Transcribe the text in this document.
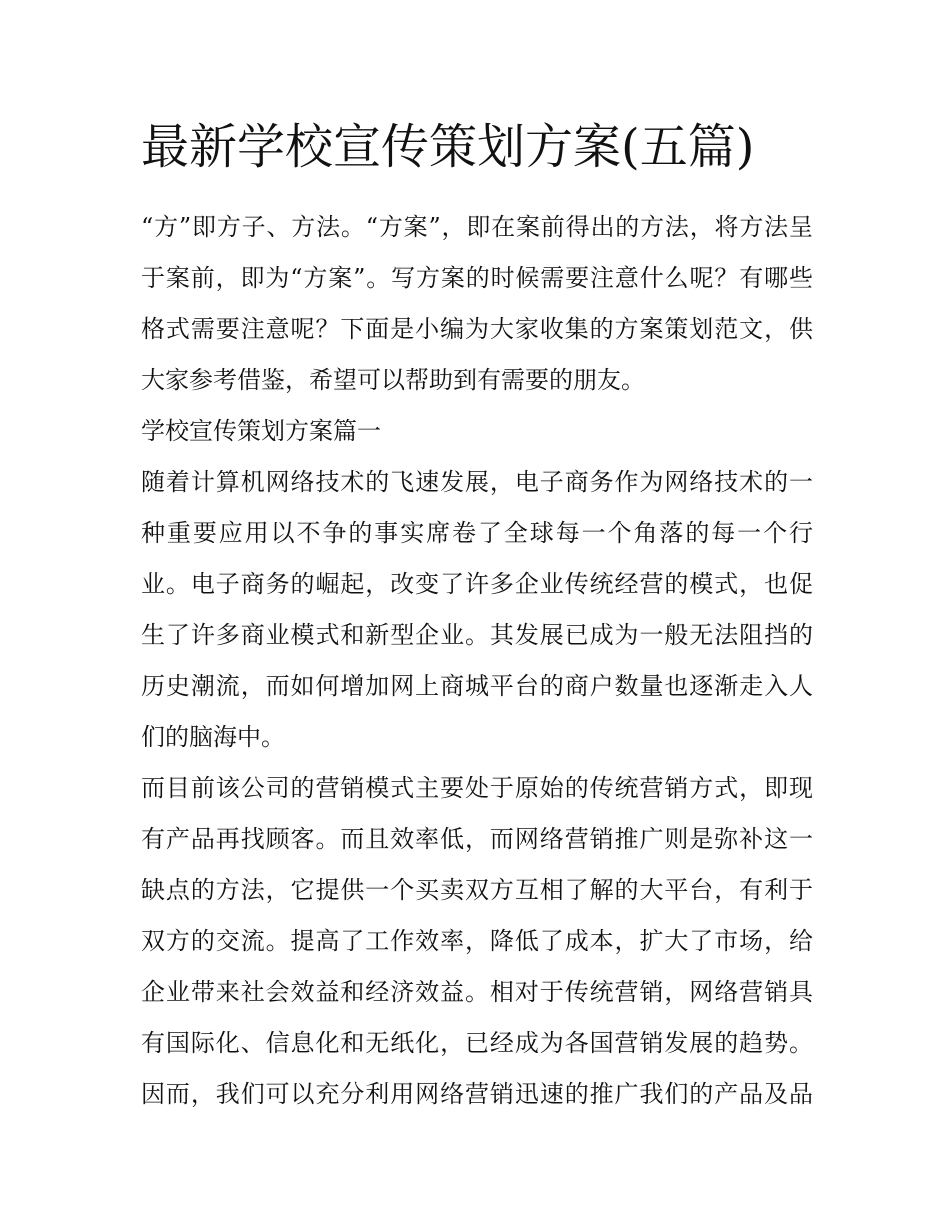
最新学校宣传策划方案(五篇)
“方”即方子、方法。“方案”，即在案前得出的方法，将方法呈
于案前，即为“方案”。写方案的时候需要注意什么呢？有哪些
格式需要注意呢？下面是小编为大家收集的方案策划范文，供
大家参考借鉴，希望可以帮助到有需要的朋友。
学校宣传策划方案篇一
随着计算机网络技术的飞速发展，电子商务作为网络技术的一
种重要应用以不争的事实席卷了全球每一个角落的每一个行
业。电子商务的崛起，改变了许多企业传统经营的模式，也促
生了许多商业模式和新型企业。其发展已成为一般无法阻挡的
历史潮流，而如何增加网上商城平台的商户数量也逐渐走入人
们的脑海中。
而目前该公司的营销模式主要处于原始的传统营销方式，即现
有产品再找顾客。而且效率低，而网络营销推广则是弥补这一
缺点的方法，它提供一个买卖双方互相了解的大平台，有利于
双方的交流。提高了工作效率，降低了成本，扩大了市场，给
企业带来社会效益和经济效益。相对于传统营销，网络营销具
有国际化、信息化和无纸化，已经成为各国营销发展的趋势。
因而，我们可以充分利用网络营销迅速的推广我们的产品及品
